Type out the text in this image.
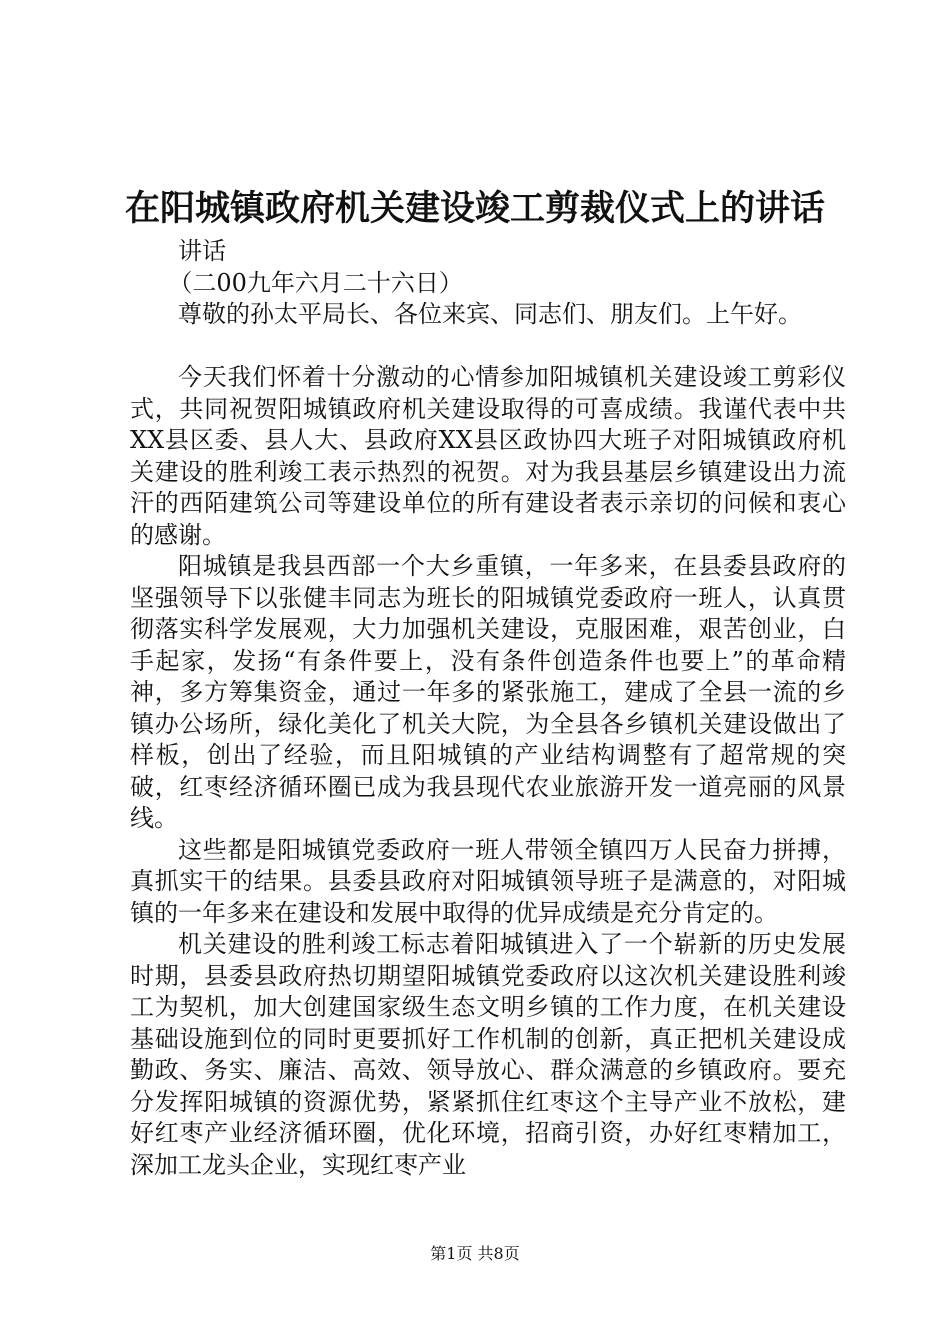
在阳城镇政府机关建设竣工剪裁仪式上的讲话

讲话

（二00九年六月二十六日）

尊敬的孙太平局长、各位来宾、同志们、朋友们。上午好。

今天我们怀着十分激动的心情参加阳城镇机关建设竣工剪彩仪式，共同祝贺阳城镇政府机关建设取得的可喜成绩。我谨代表中共XX县区委、县人大、县政府XX县区政协四大班子对阳城镇政府机关建设的胜利竣工表示热烈的祝贺。对为我县基层乡镇建设出力流汗的西陌建筑公司等建设单位的所有建设者表示亲切的问候和衷心的感谢。

阳城镇是我县西部一个大乡重镇，一年多来，在县委县政府的坚强领导下以张健丰同志为班长的阳城镇党委政府一班人，认真贯彻落实科学发展观，大力加强机关建设，克服困难，艰苦创业，白手起家，发扬“有条件要上，没有条件创造条件也要上”的革命精神，多方筹集资金，通过一年多的紧张施工，建成了全县一流的乡镇办公场所，绿化美化了机关大院，为全县各乡镇机关建设做出了样板，创出了经验，而且阳城镇的产业结构调整有了超常规的突破，红枣经济循环圈已成为我县现代农业旅游开发一道亮丽的风景线。

这些都是阳城镇党委政府一班人带领全镇四万人民奋力拼搏，真抓实干的结果。县委县政府对阳城镇领导班子是满意的，对阳城镇的一年多来在建设和发展中取得的优异成绩是充分肯定的。

机关建设的胜利竣工标志着阳城镇进入了一个崭新的历史发展时期，县委县政府热切期望阳城镇党委政府以这次机关建设胜利竣工为契机，加大创建国家级生态文明乡镇的工作力度，在机关建设基础设施到位的同时更要抓好工作机制的创新，真正把机关建设成勤政、务实、廉洁、高效、领导放心、群众满意的乡镇政府。要充分发挥阳城镇的资源优势，紧紧抓住红枣这个主导产业不放松，建好红枣产业经济循环圈，优化环境，招商引资，办好红枣精加工，深加工龙头企业，实现红枣产业

第1页 共8页
